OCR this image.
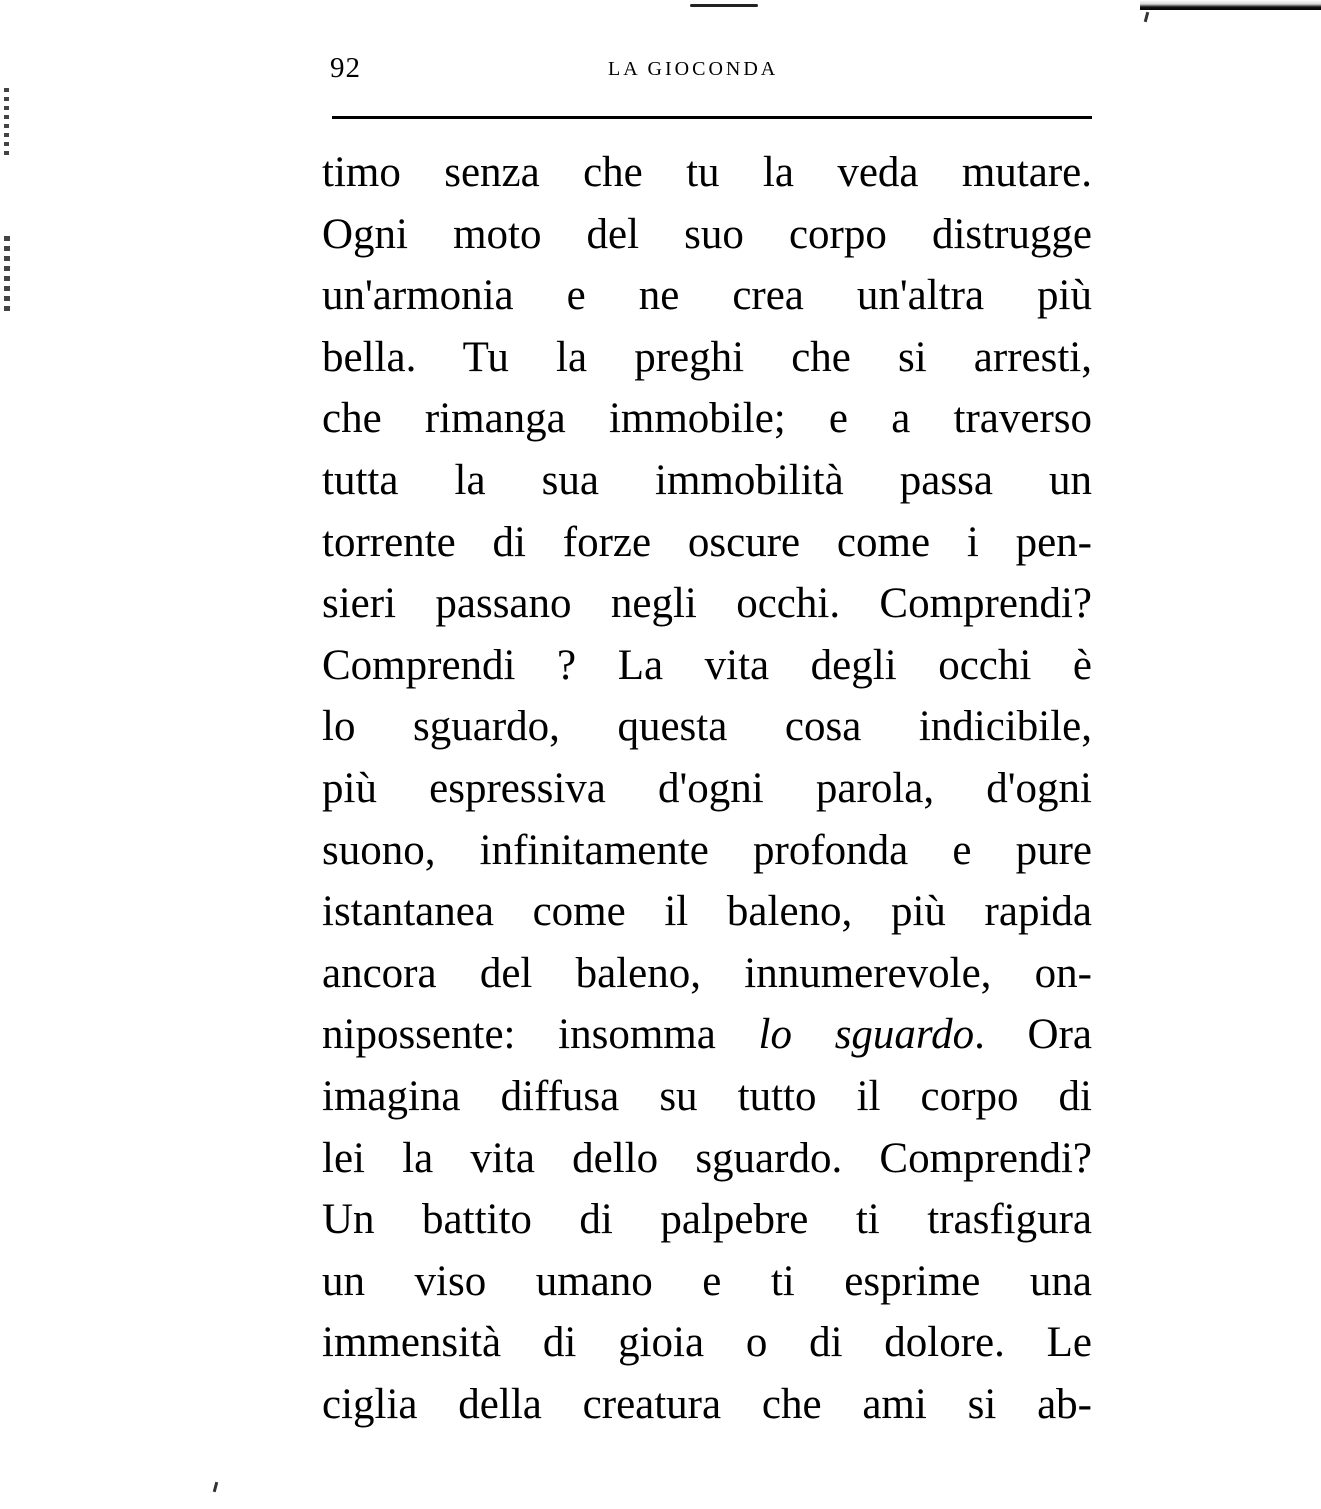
92	LA GIOCONDA
timo senza che tu la veda mutare.
Ogni moto del suo corpo distrugge
un'armonia e ne crea un'altra più
bella. Tu la preghi che si arresti,
che rimanga immobile; e a traverso
tutta la sua immobilità passa un
torrente di forze oscure come i pen-
sieri passano negli occhi. Comprendi?
Comprendi ? La vita degli occhi è
lo sguardo, questa cosa indicibile,
più espressiva d'ogni parola, d'ogni
suono, infinitamente profonda e pure
istantanea come il baleno, più rapida
ancora del baleno, innumerevole, on-
nipossente: insomma lo sguardo. Ora
imagina diffusa su tutto il corpo di
lei la vita dello sguardo. Comprendi?
Un battito di palpebre ti trasfigura
un viso umano e ti esprime una
immensità di gioia o di dolore. Le
ciglia della creatura che ami si ab-
